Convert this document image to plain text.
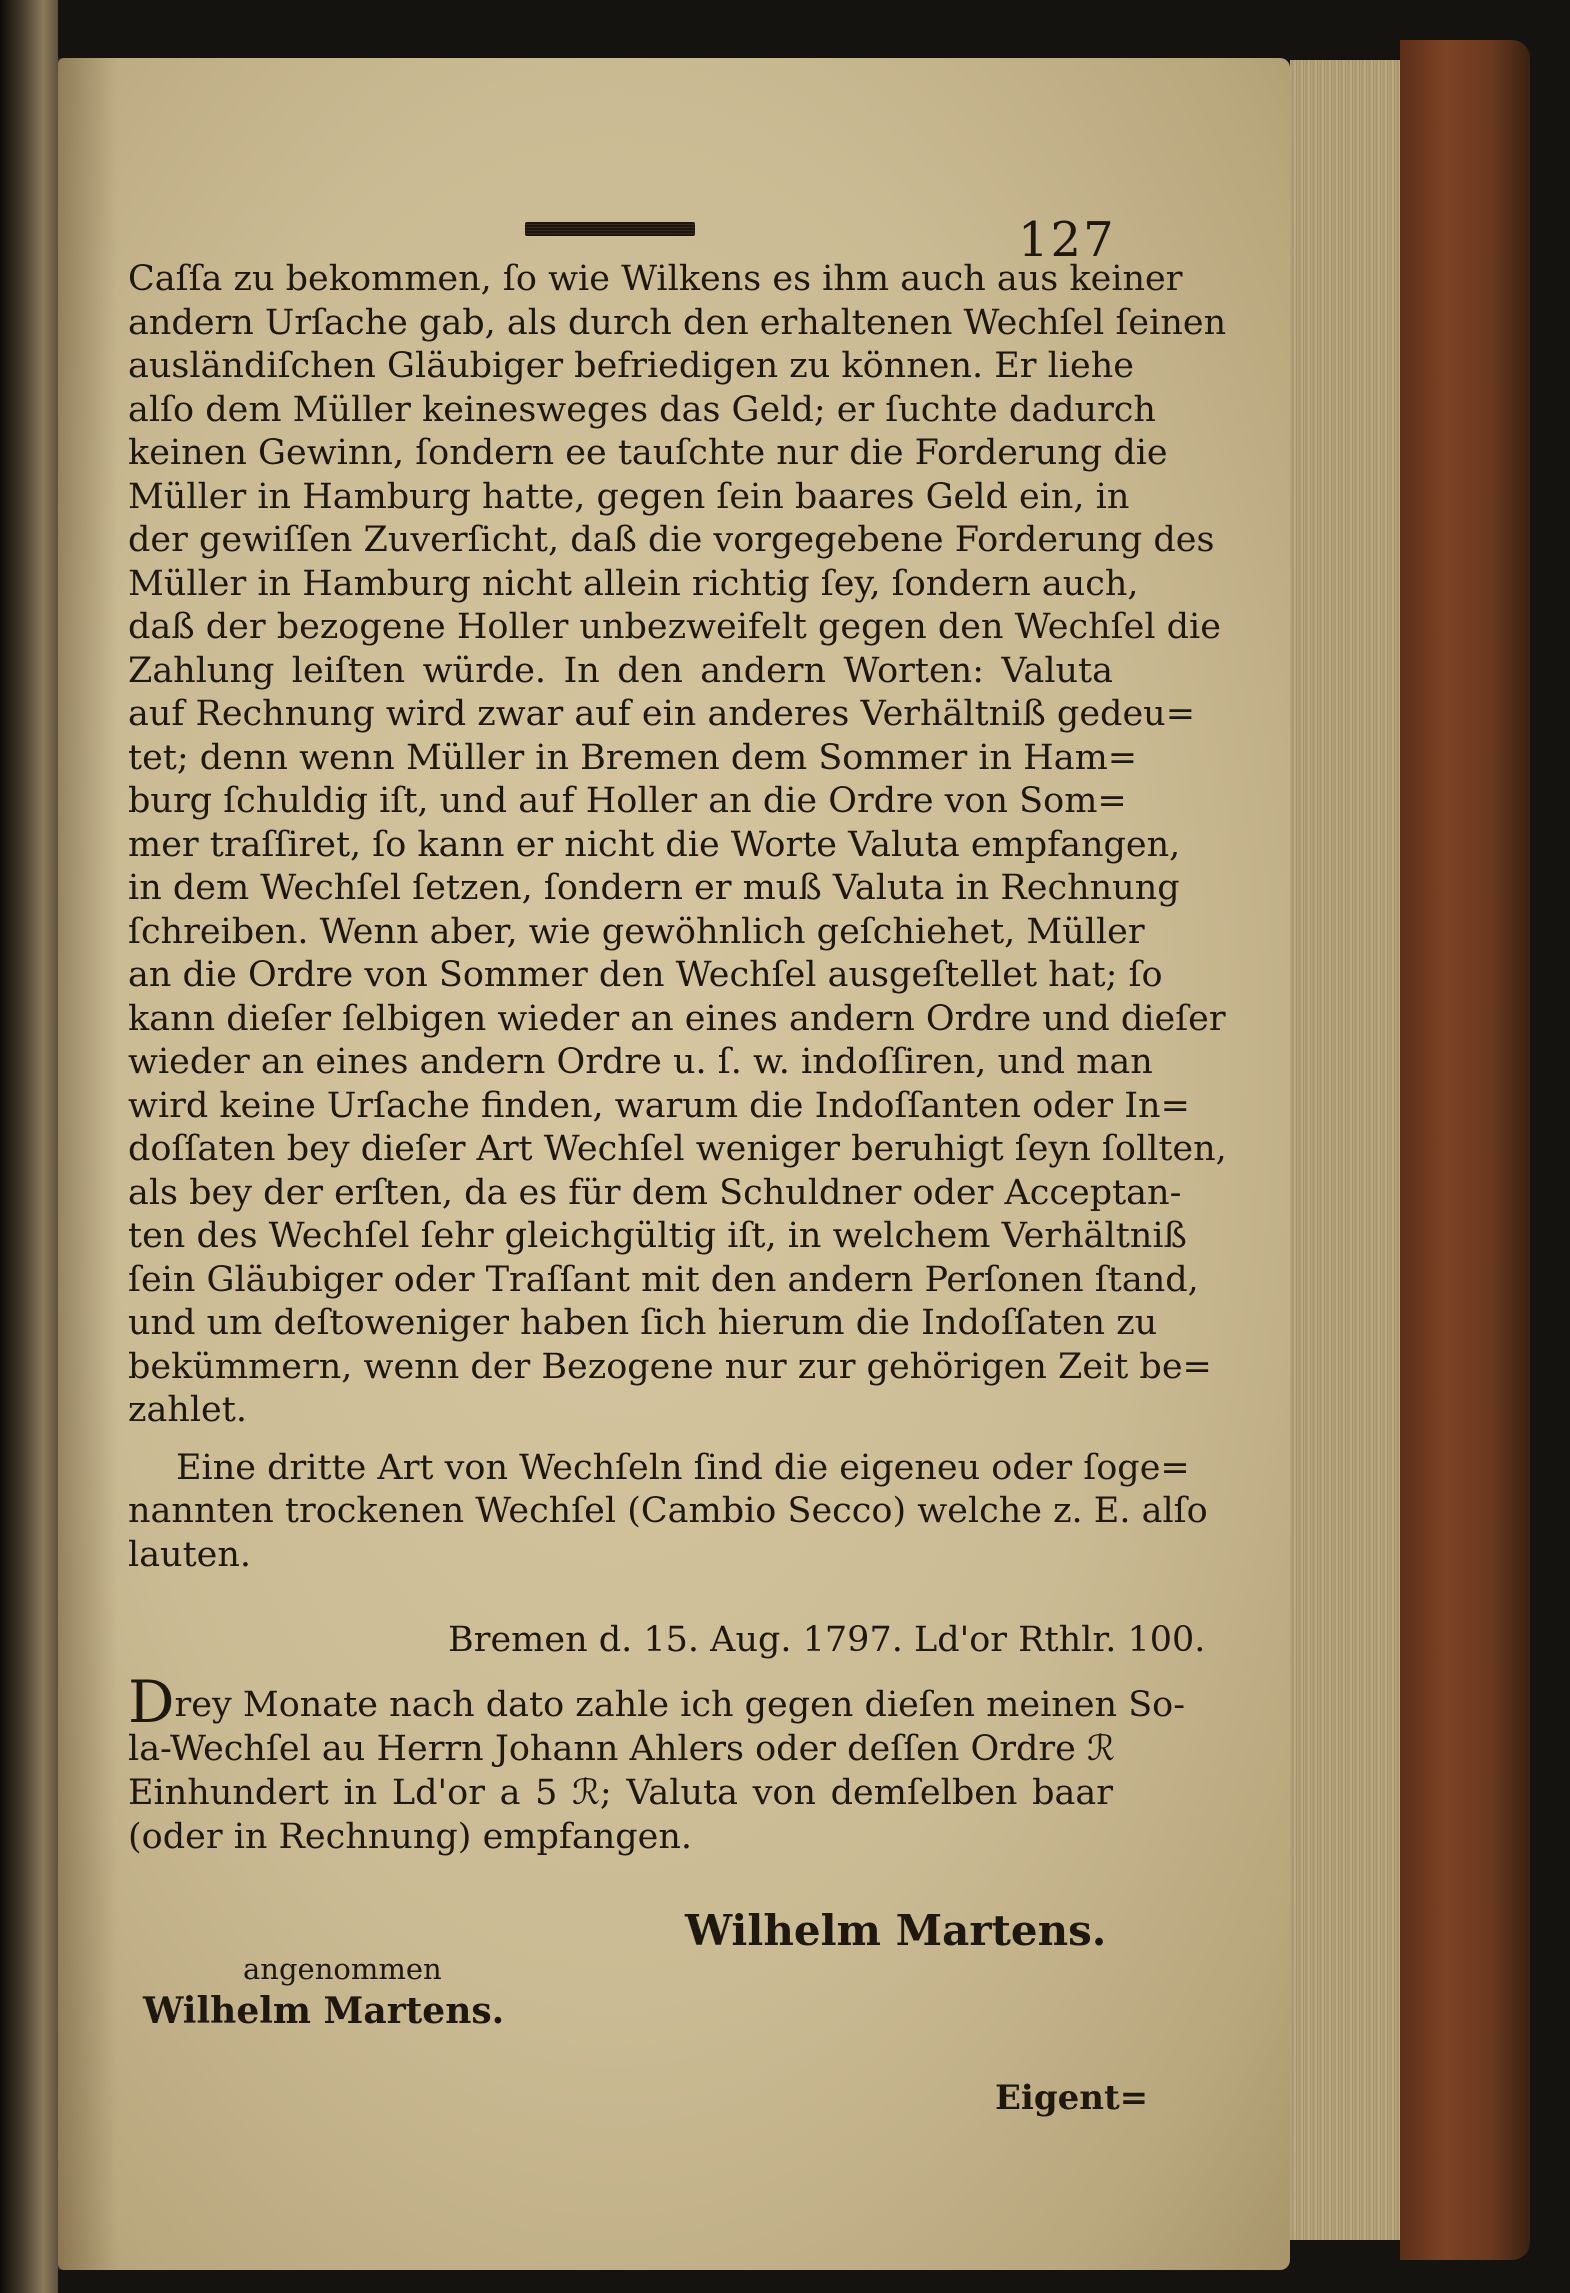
127

Caſſa zu bekommen, ſo wie Wilkens es ihm auch aus keiner

andern Urſache gab, als durch den erhaltenen Wechſel ſeinen

ausländiſchen Gläubiger befriedigen zu können. Er liehe

alſo dem Müller keinesweges das Geld; er ſuchte dadurch

keinen Gewinn, ſondern ee tauſchte nur die Forderung die

Müller in Hamburg hatte, gegen ſein baares Geld ein, in

der gewiſſen Zuverſicht, daß die vorgegebene Forderung des

Müller in Hamburg nicht allein richtig ſey, ſondern auch,

daß der bezogene Holler unbezweifelt gegen den Wechſel die

Zahlung leiſten würde. In den andern Worten: Valuta

auf Rechnung wird zwar auf ein anderes Verhältniß gedeu=

tet; denn wenn Müller in Bremen dem Sommer in Ham=

burg ſchuldig iſt, und auf Holler an die Ordre von Som=

mer traſſiret, ſo kann er nicht die Worte Valuta empfangen,

in dem Wechſel ſetzen, ſondern er muß Valuta in Rechnung

ſchreiben. Wenn aber, wie gewöhnlich geſchiehet, Müller

an die Ordre von Sommer den Wechſel ausgeſtellet hat; ſo

kann dieſer ſelbigen wieder an eines andern Ordre und dieſer

wieder an eines andern Ordre u. ſ. w. indoſſiren, und man

wird keine Urſache finden, warum die Indoſſanten oder In=

doſſaten bey dieſer Art Wechſel weniger beruhigt ſeyn ſollten,

als bey der erſten, da es für dem Schuldner oder Acceptan-

ten des Wechſel ſehr gleichgültig iſt, in welchem Verhältniß

ſein Gläubiger oder Traſſant mit den andern Perſonen ſtand,

und um deſtoweniger haben ſich hierum die Indoſſaten zu

bekümmern, wenn der Bezogene nur zur gehörigen Zeit be=

zahlet.

Eine dritte Art von Wechſeln ſind die eigeneu oder ſoge=

nannten trockenen Wechſel (Cambio Secco) welche z. E. alſo

lauten.

Bremen d. 15. Aug. 1797. Ld'or Rthlr. 100.

Drey Monate nach dato zahle ich gegen dieſen meinen So-

la-Wechſel au Herrn Johann Ahlers oder deſſen Ordre ℛ

Einhundert in Ld'or a 5 ℛ; Valuta von demſelben baar

(oder in Rechnung) empfangen.

Wilhelm Martens.
angenommen
Wilhelm Martens.
Eigent=
